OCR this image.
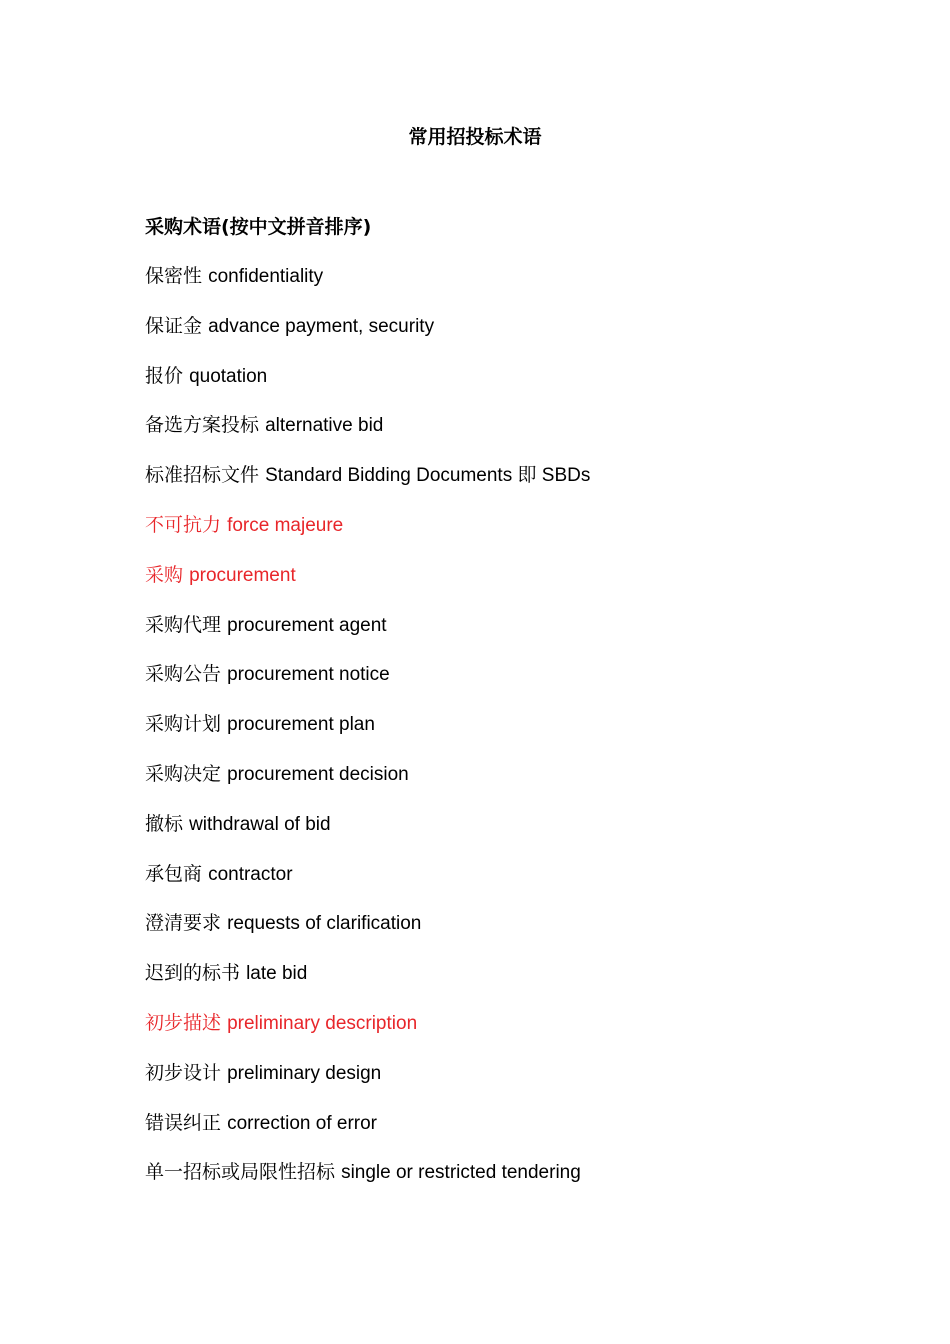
常用招投标术语
采购术语(按中文拼音排序)
保密性 confidentiality
保证金 advance payment, security
报价 quotation
备选方案投标 alternative bid
标准招标文件 Standard Bidding Documents 即 SBDs
不可抗力 force majeure
采购 procurement
采购代理 procurement agent
采购公告 procurement notice
采购计划 procurement plan
采购决定 procurement decision
撤标 withdrawal of bid
承包商 contractor
澄清要求 requests of clarification
迟到的标书 late bid
初步描述 preliminary description
初步设计 preliminary design
错误纠正 correction of error
单一招标或局限性招标 single or restricted tendering
